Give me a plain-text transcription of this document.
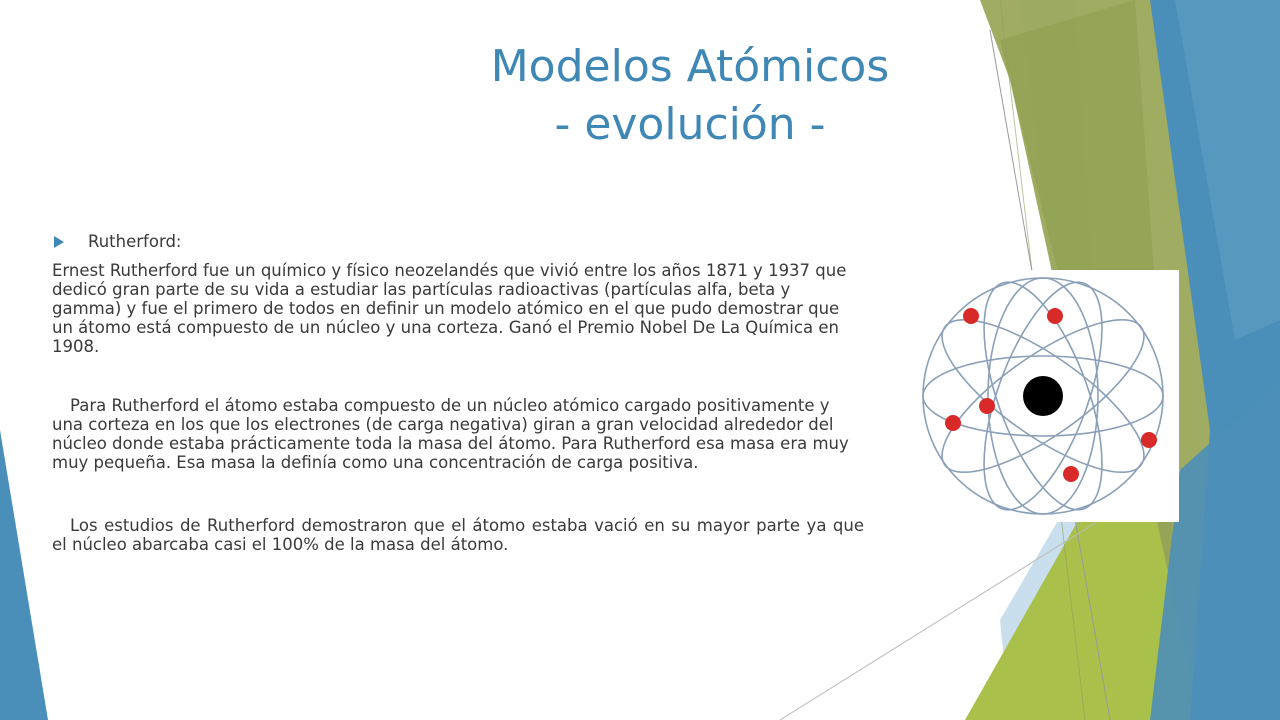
Modelos Atómicos
- evolución -
Rutherford:

Ernest Rutherford fue un químico y físico neozelandés que vivió entre los años 1871 y 1937 que dedicó gran parte de su vida a estudiar las partículas radioactivas (partículas alfa, beta y gamma) y fue el primero de todos en definir un modelo atómico en el que pudo demostrar que un átomo está compuesto de un núcleo y una corteza. Ganó el Premio Nobel De La Química en 1908.

Para Rutherford el átomo estaba compuesto de un núcleo atómico cargado positivamente y una corteza en los que los electrones (de carga negativa) giran a gran velocidad alrededor del núcleo donde estaba prácticamente toda la masa del átomo. Para Rutherford esa masa era muy muy pequeña. Esa masa la definía como una concentración de carga positiva.

Los estudios de Rutherford demostraron que el átomo estaba vació en su mayor parte ya que el núcleo abarcaba casi el 100% de la masa del átomo.
